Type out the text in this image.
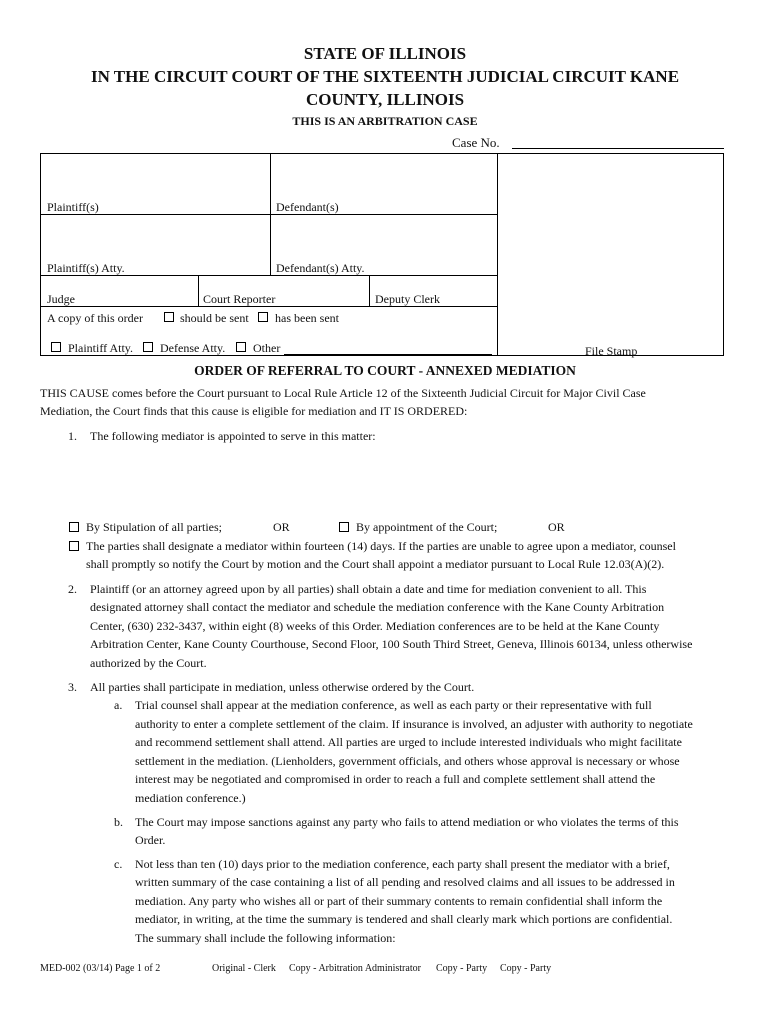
STATE OF ILLINOIS
IN THE CIRCUIT COURT OF THE SIXTEENTH JUDICIAL CIRCUIT KANE
COUNTY, ILLINOIS
THIS IS AN ARBITRATION CASE
Case No.
Plaintiff(s)	Defendant(s)
Plaintiff(s) Atty.	Defendant(s) Atty.
Judge	Court Reporter	Deputy Clerk
A copy of this order	should be sent has been sent
Plaintiff Atty. Defense Atty. Other	File Stamp
ORDER OF REFERRAL TO COURT - ANNEXED MEDIATION
THIS CAUSE comes before the Court pursuant to Local Rule Article 12 of the Sixteenth Judicial Circuit for Major Civil Case
Mediation, the Court finds that this cause is eligible for mediation and IT IS ORDERED:
1. The following mediator is appointed to serve in this matter:
By Stipulation of all parties;	OR	By appointment of the Court;	OR
The parties shall designate a mediator within fourteen (14) days. If the parties are unable to agree upon a mediator, counsel
shall promptly so notify the Court by motion and the Court shall appoint a mediator pursuant to Local Rule 12.03(A)(2).
2. Plaintiff (or an attorney agreed upon by all parties) shall obtain a date and time for mediation convenient to all. This
designated attorney shall contact the mediator and schedule the mediation conference with the Kane County Arbitration
Center, (630) 232-3437, within eight (8) weeks of this Order. Mediation conferences are to be held at the Kane County
Arbitration Center, Kane County Courthouse, Second Floor, 100 South Third Street, Geneva, Illinois 60134, unless otherwise
authorized by the Court.
3. All parties shall participate in mediation, unless otherwise ordered by the Court.
a. Trial counsel shall appear at the mediation conference, as well as each party or their representative with full
authority to enter a complete settlement of the claim. If insurance is involved, an adjuster with authority to negotiate
and recommend settlement shall attend. All parties are urged to include interested individuals who might facilitate
settlement in the mediation. (Lienholders, government officials, and others whose approval is necessary or whose
interest may be negotiated and compromised in order to reach a full and complete settlement shall attend the
mediation conference.)
b. The Court may impose sanctions against any party who fails to attend mediation or who violates the terms of this
Order.
c. Not less than ten (10) days prior to the mediation conference, each party shall present the mediator with a brief,
written summary of the case containing a list of all pending and resolved claims and all issues to be addressed in
mediation. Any party who wishes all or part of their summary contents to remain confidential shall inform the
mediator, in writing, at the time the summary is tendered and shall clearly mark which portions are confidential.
The summary shall include the following information:
MED-002 (03/14) Page 1 of 2	Original - Clerk Copy - Arbitration Administrator Copy - Party Copy - Party
